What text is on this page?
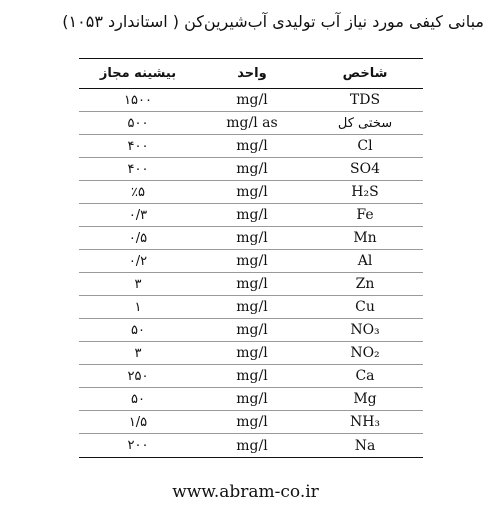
مبانی کیفی مورد نیاز آب تولیدی آب‌شیرین‌کن ( استاندارد ۱۰۵۳)
بیشینه مجاز	واحد	شاخص
۱۵۰۰	mg/l	TDS
۵۰۰	mg/l as	سختی کل
۴۰۰	mg/l	Cl
۴۰۰	mg/l	SO4
٪۵	mg/l	H₂S
۰/۳	mg/l	Fe
۰/۵	mg/l	Mn
۰/۲	mg/l	Al
۳	mg/l	Zn
۱	mg/l	Cu
۵۰	mg/l	NO₃
۳	mg/l	NO₂
۲۵۰	mg/l	Ca
۵۰	mg/l	Mg
۱/۵	mg/l	NH₃
۲۰۰	mg/l	Na
www.abram-co.ir
